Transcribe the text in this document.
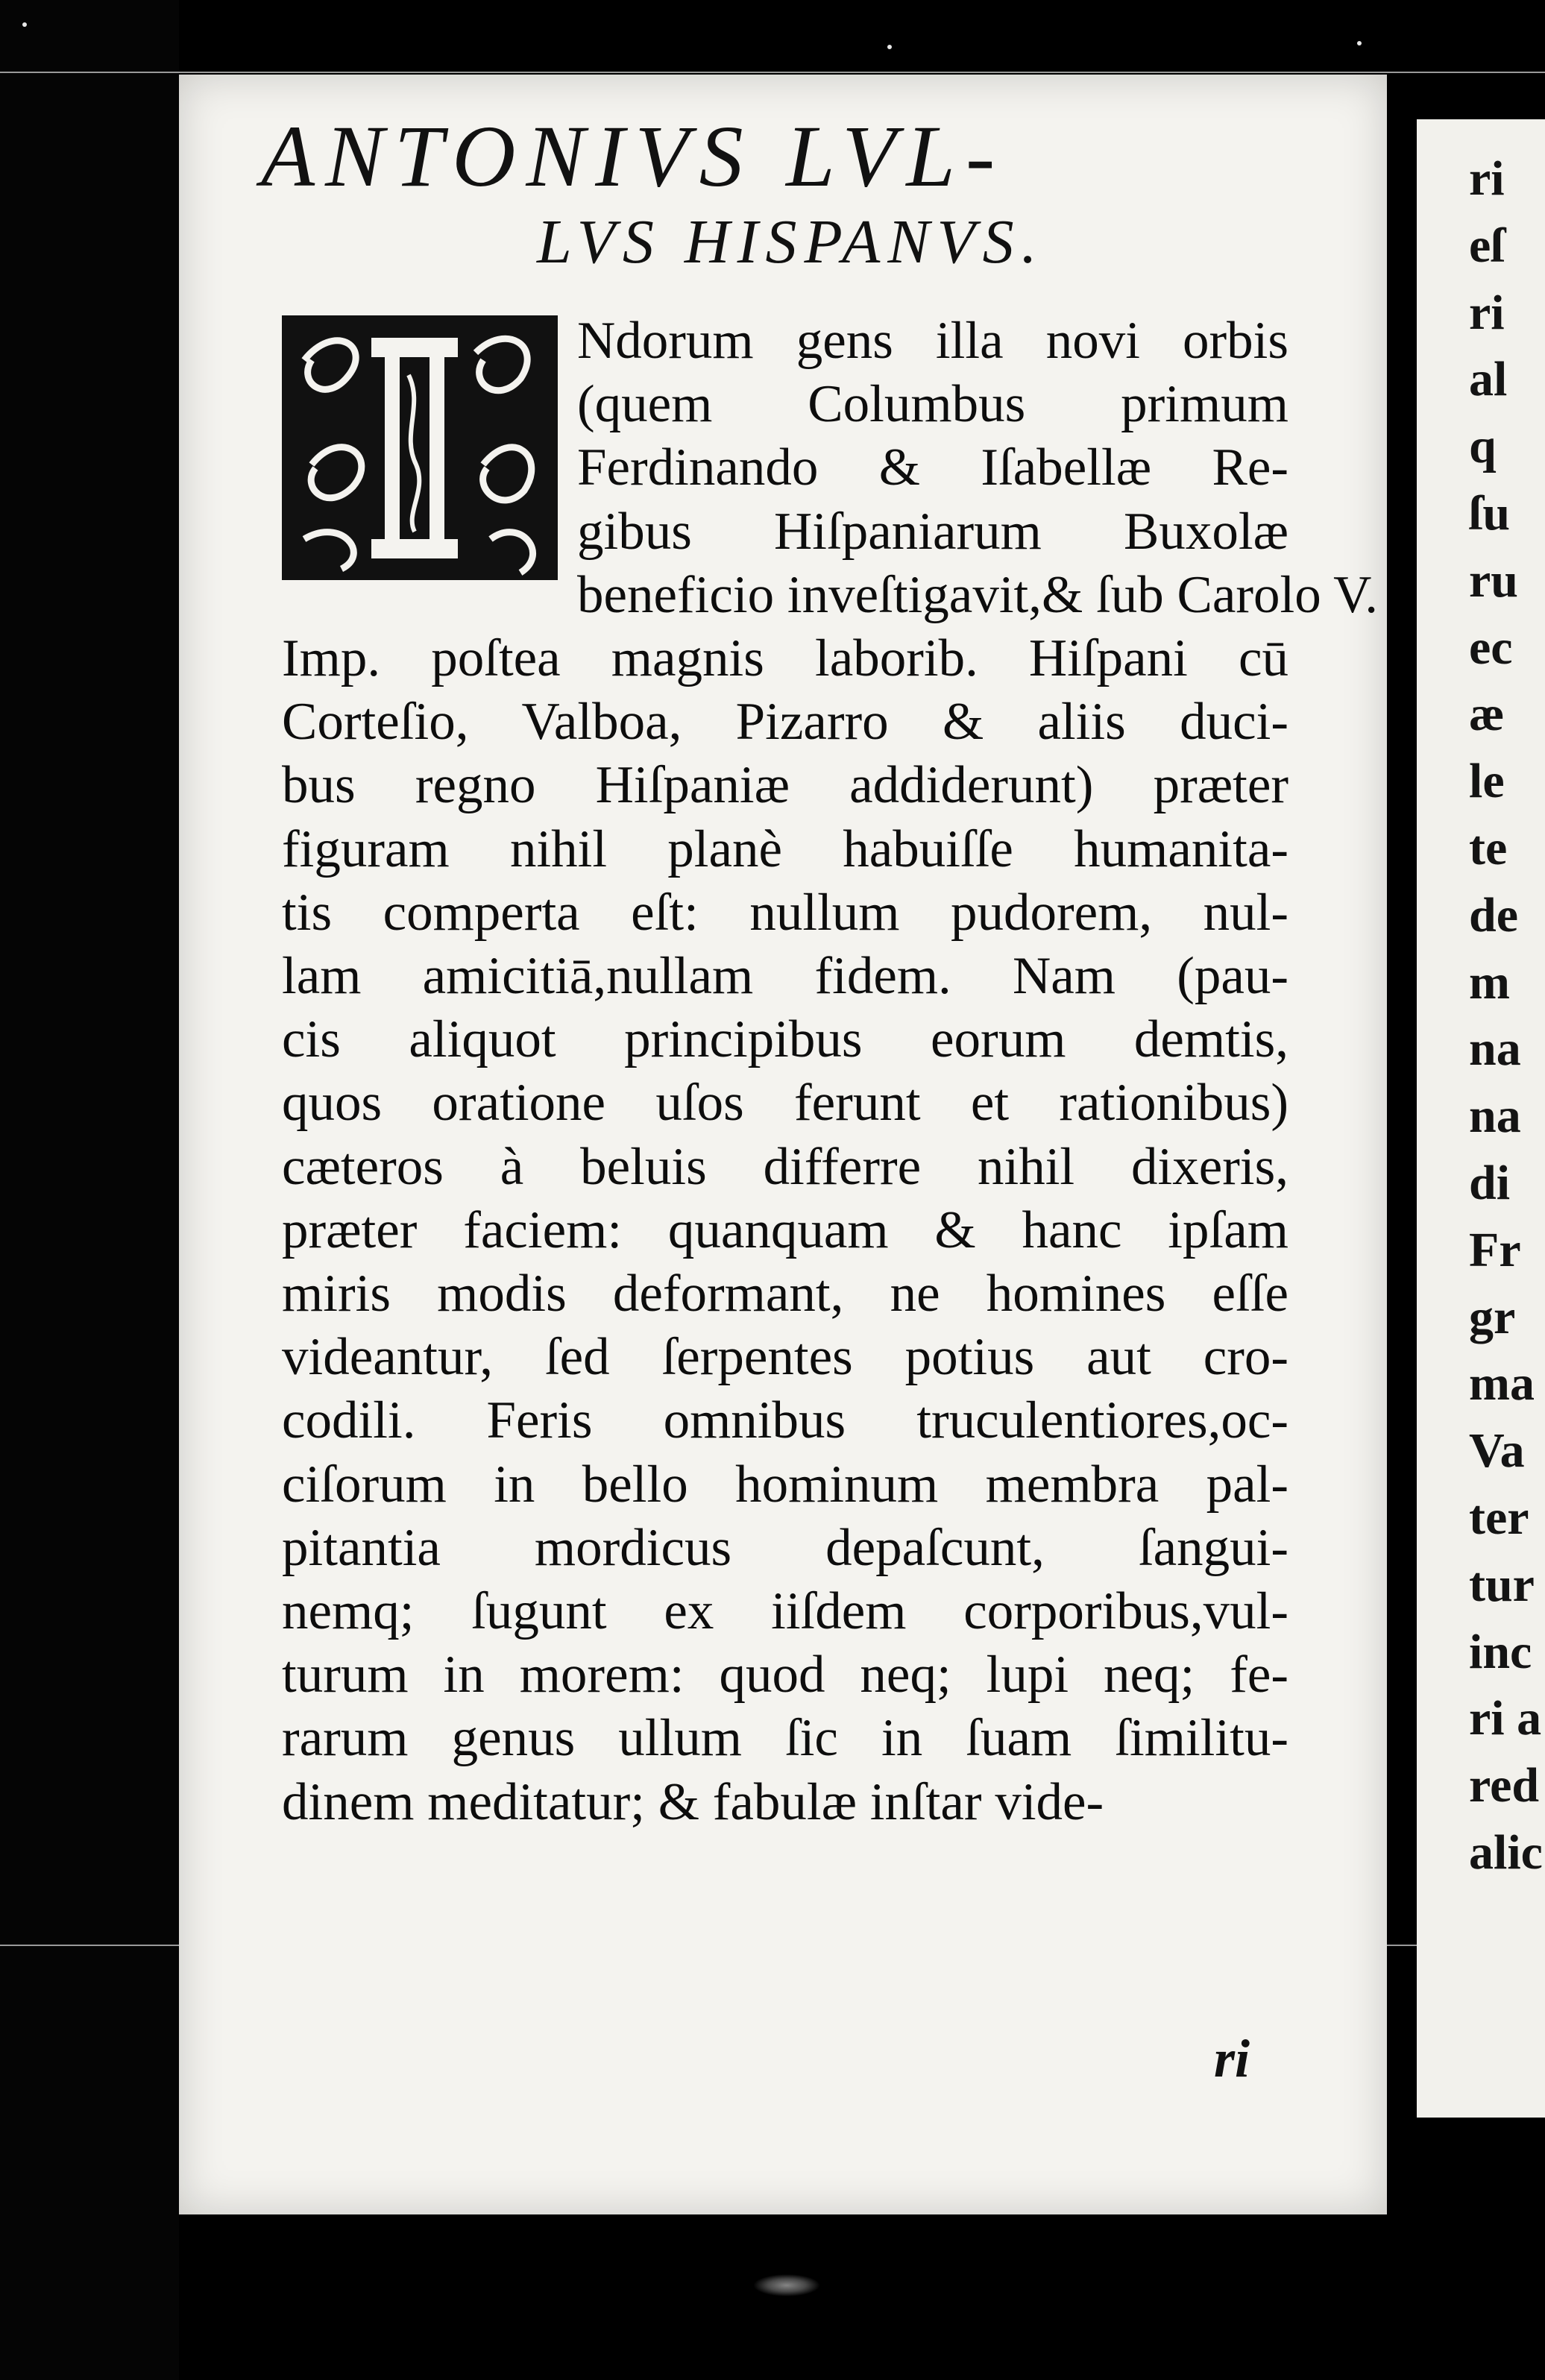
ANTONIVS LVL-
LVS HISPANVS.
Ndorum gens illa novi orbis
(quem Columbus primum
Ferdinando & Iſabellæ Re-
gibus Hiſpaniarum Buxolæ
beneficio inveſtigavit,& ſub Carolo V.
Imp. poſtea magnis laborib. Hiſpani cū
Corteſio, Valboa, Pizarro & aliis duci-
bus regno Hiſpaniæ addiderunt) præter
figuram nihil planè habuiſſe humanita-
tis comperta eſt: nullum pudorem, nul-
lam amicitiā,nullam fidem. Nam (pau-
cis aliquot principibus eorum demtis,
quos oratione uſos ferunt et rationibus)
cæteros à beluis differre nihil dixeris,
præter faciem: quanquam & hanc ipſam
miris modis deformant, ne homines eſſe
videantur, ſed ſerpentes potius aut cro-
codili. Feris omnibus truculentiores,oc-
ciſorum in bello hominum membra pal-
pitantia mordicus depaſcunt, ſangui-
nemq; ſugunt ex iiſdem corporibus,vul-
turum in morem: quod neq; lupi neq; fe-
rarum genus ullum ſic in ſuam ſimilitu-
dinem meditatur; & fabulæ inſtar vide-
ri
ri
eſ
ri
al
q
ſu
ru
ec
æ
le
te
de
m
na
na
di
Fr
gr
ma
Va
ter
tur
inc
ri a
red
alic
